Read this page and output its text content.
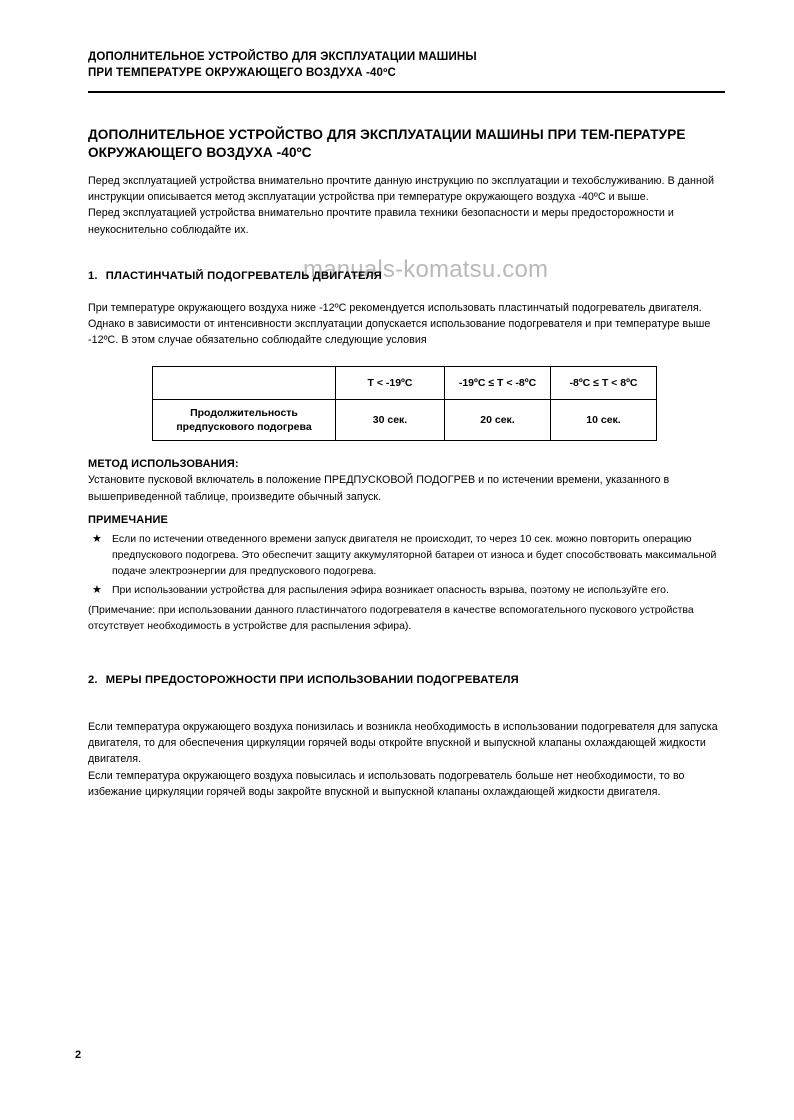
ДОПОЛНИТЕЛЬНОЕ УСТРОЙСТВО ДЛЯ ЭКСПЛУАТАЦИИ МАШИНЫ
ПРИ ТЕМПЕРАТУРЕ ОКРУЖАЮЩЕГО ВОЗДУХА -40ºC
manuals-komatsu.com
ДОПОЛНИТЕЛЬНОЕ УСТРОЙСТВО ДЛЯ ЭКСПЛУАТАЦИИ МАШИНЫ ПРИ ТЕМ-ПЕРАТУРЕ ОКРУЖАЮЩЕГО ВОЗДУХА -40ºC

Перед эксплуатацией устройства внимательно прочтите данную инструкцию по эксплуатации и техобслуживанию. В данной инструкции описывается метод эксплуатации устройства при температуре окружающего воздуха -40ºC и выше.

Перед эксплуатацией устройства внимательно прочтите правила техники безопасности и меры предосторожности и неукоснительно соблюдайте их.

1. ПЛАСТИНЧАТЫЙ ПОДОГРЕВАТЕЛЬ ДВИГАТЕЛЯ

При температуре окружающего воздуха ниже -12ºC рекомендуется использовать пластинчатый подогреватель двигателя. Однако в зависимости от интенсивности эксплуатации допускается использование подогревателя и при температуре выше -12ºC. В этом случае обязательно соблюдайте следующие условия

	T < -19ºC	-19ºC ≤ T < -8ºC	-8ºC ≤ T < 8ºC

Продолжительность
предпускового подогрева	30 сек.	20 сек.	10 сек.

МЕТОД ИСПОЛЬЗОВАНИЯ:

Установите пусковой включатель в положение ПРЕДПУСКОВОЙ ПОДОГРЕВ и по истечении времени, указанного в вышеприведенной таблице, произведите обычный запуск.

ПРИМЕЧАНИЕ

★ Если по истечении отведенного времени запуск двигателя не происходит, то через 10 сек. можно повторить операцию предпускового подогрева. Это обеспечит защиту аккумуляторной батареи от износа и будет способствовать максимальной подаче электроэнергии для предпускового подогрева.
★ При использовании устройства для распыления эфира возникает опасность взрыва, поэтому не используйте его.

(Примечание: при использовании данного пластинчатого подогревателя в качестве вспомогательного пускового устройства отсутствует необходимость в устройстве для распыления эфира).

2. МЕРЫ ПРЕДОСТОРОЖНОСТИ ПРИ ИСПОЛЬЗОВАНИИ ПОДОГРЕВАТЕЛЯ

Если температура окружающего воздуха понизилась и возникла необходимость в использовании подогревателя для запуска двигателя, то для обеспечения циркуляции горячей воды откройте впускной и выпускной клапаны охлаждающей жидкости двигателя.

Если температура окружающего воздуха повысилась и использовать подогреватель больше нет необходимости, то во избежание циркуляции горячей воды закройте впускной и выпускной клапаны охлаждающей жидкости двигателя.

2
